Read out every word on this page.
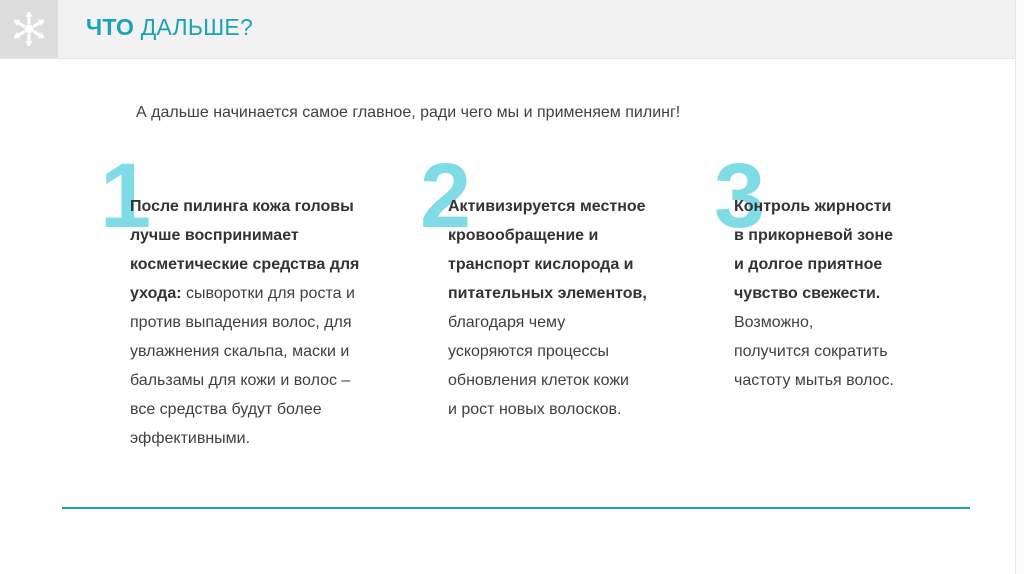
ЧТО ДАЛЬШЕ?
А дальше начинается самое главное, ради чего мы и применяем пилинг!
1
После пилинга кожа головы
лучше воспринимает
косметические средства для
ухода: сыворотки для роста и
против выпадения волос, для
увлажнения скальпа, маски и
бальзамы для кожи и волос –
все средства будут более
эффективными.
2
Активизируется местное
кровообращение и
транспорт кислорода и
питательных элементов,
благодаря чему
ускоряются процессы
обновления клеток кожи
и рост новых волосков.
3
Контроль жирности
в прикорневой зоне
и долгое приятное
чувство свежести.
Возможно,
получится сократить
частоту мытья волос.
